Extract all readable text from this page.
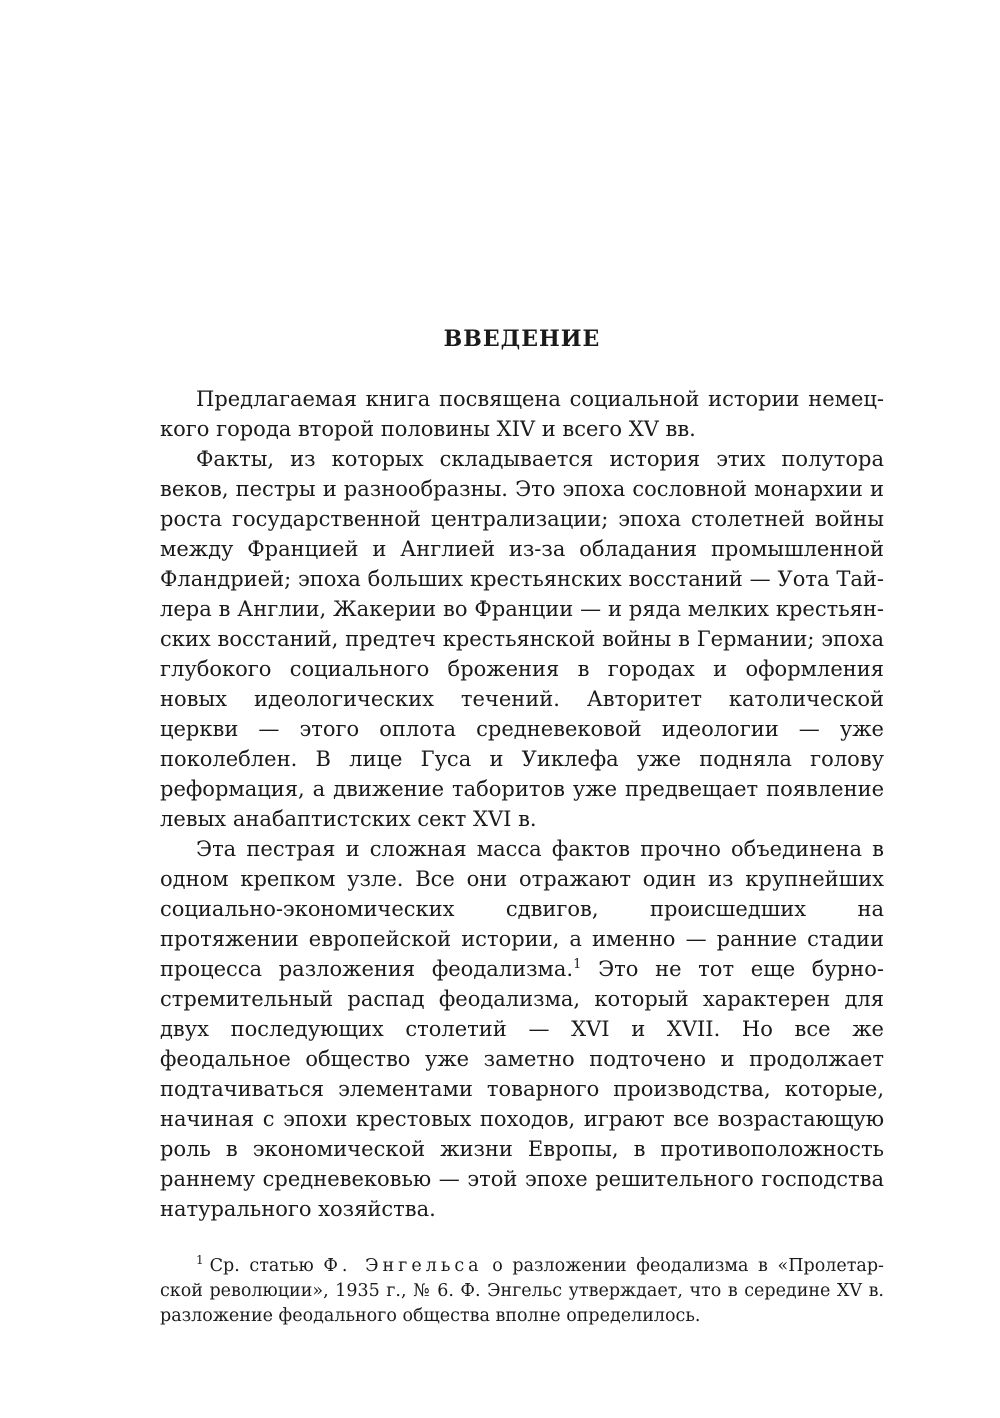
ВВЕДЕНИЕ

Предлагаемая книга посвящена социальной истории немецкого города второй половины XIV и всего XV вв.

Факты, из которых складывается история этих полутора веков, пестры и разнообразны. Это эпоха сословной монархии и роста государственной централизации; эпоха столетней войны между Францией и Англией из-за обладания промышленной Фландрией; эпоха больших крестьянских восстаний — Уота Тайлера в Англии, Жакерии во Франции — и ряда мелких крестьянских восстаний, предтеч крестьянской войны в Германии; эпоха глубокого социального брожения в городах и оформления новых идеологических течений. Авторитет католической церкви — этого оплота средневековой идеологии — уже поколеблен. В лице Гуса и Уиклефа уже подняла голову реформация, а движение таборитов уже предвещает появление левых анабаптистских сект XVI в.

Эта пестрая и сложная масса фактов прочно объединена в одном крепком узле. Все они отражают один из крупнейших социально-экономических сдвигов, происшедших на протяжении европейской истории, а именно — ранние стадии процесса разложения феодализма.$^1$ Это не тот еще бурно-стремительный распад феодализма, который характерен для двух последующих столетий — XVI и XVII. Но все же феодальное общество уже заметно подточено и продолжает подтачиваться элементами товарного производства, которые, начиная с эпохи крестовых походов, играют все возрастающую роль в экономической жизни Европы, в противоположность раннему средневековью — этой эпохе решительного господства натурального хозяйства.

$^1$ Ср. статью Ф. Энгельса о разложении феодализма в «Пролетарской революции», 1935 г., № 6. Ф. Энгельс утверждает, что в середине XV в. разложение феодального общества вполне определилось.
